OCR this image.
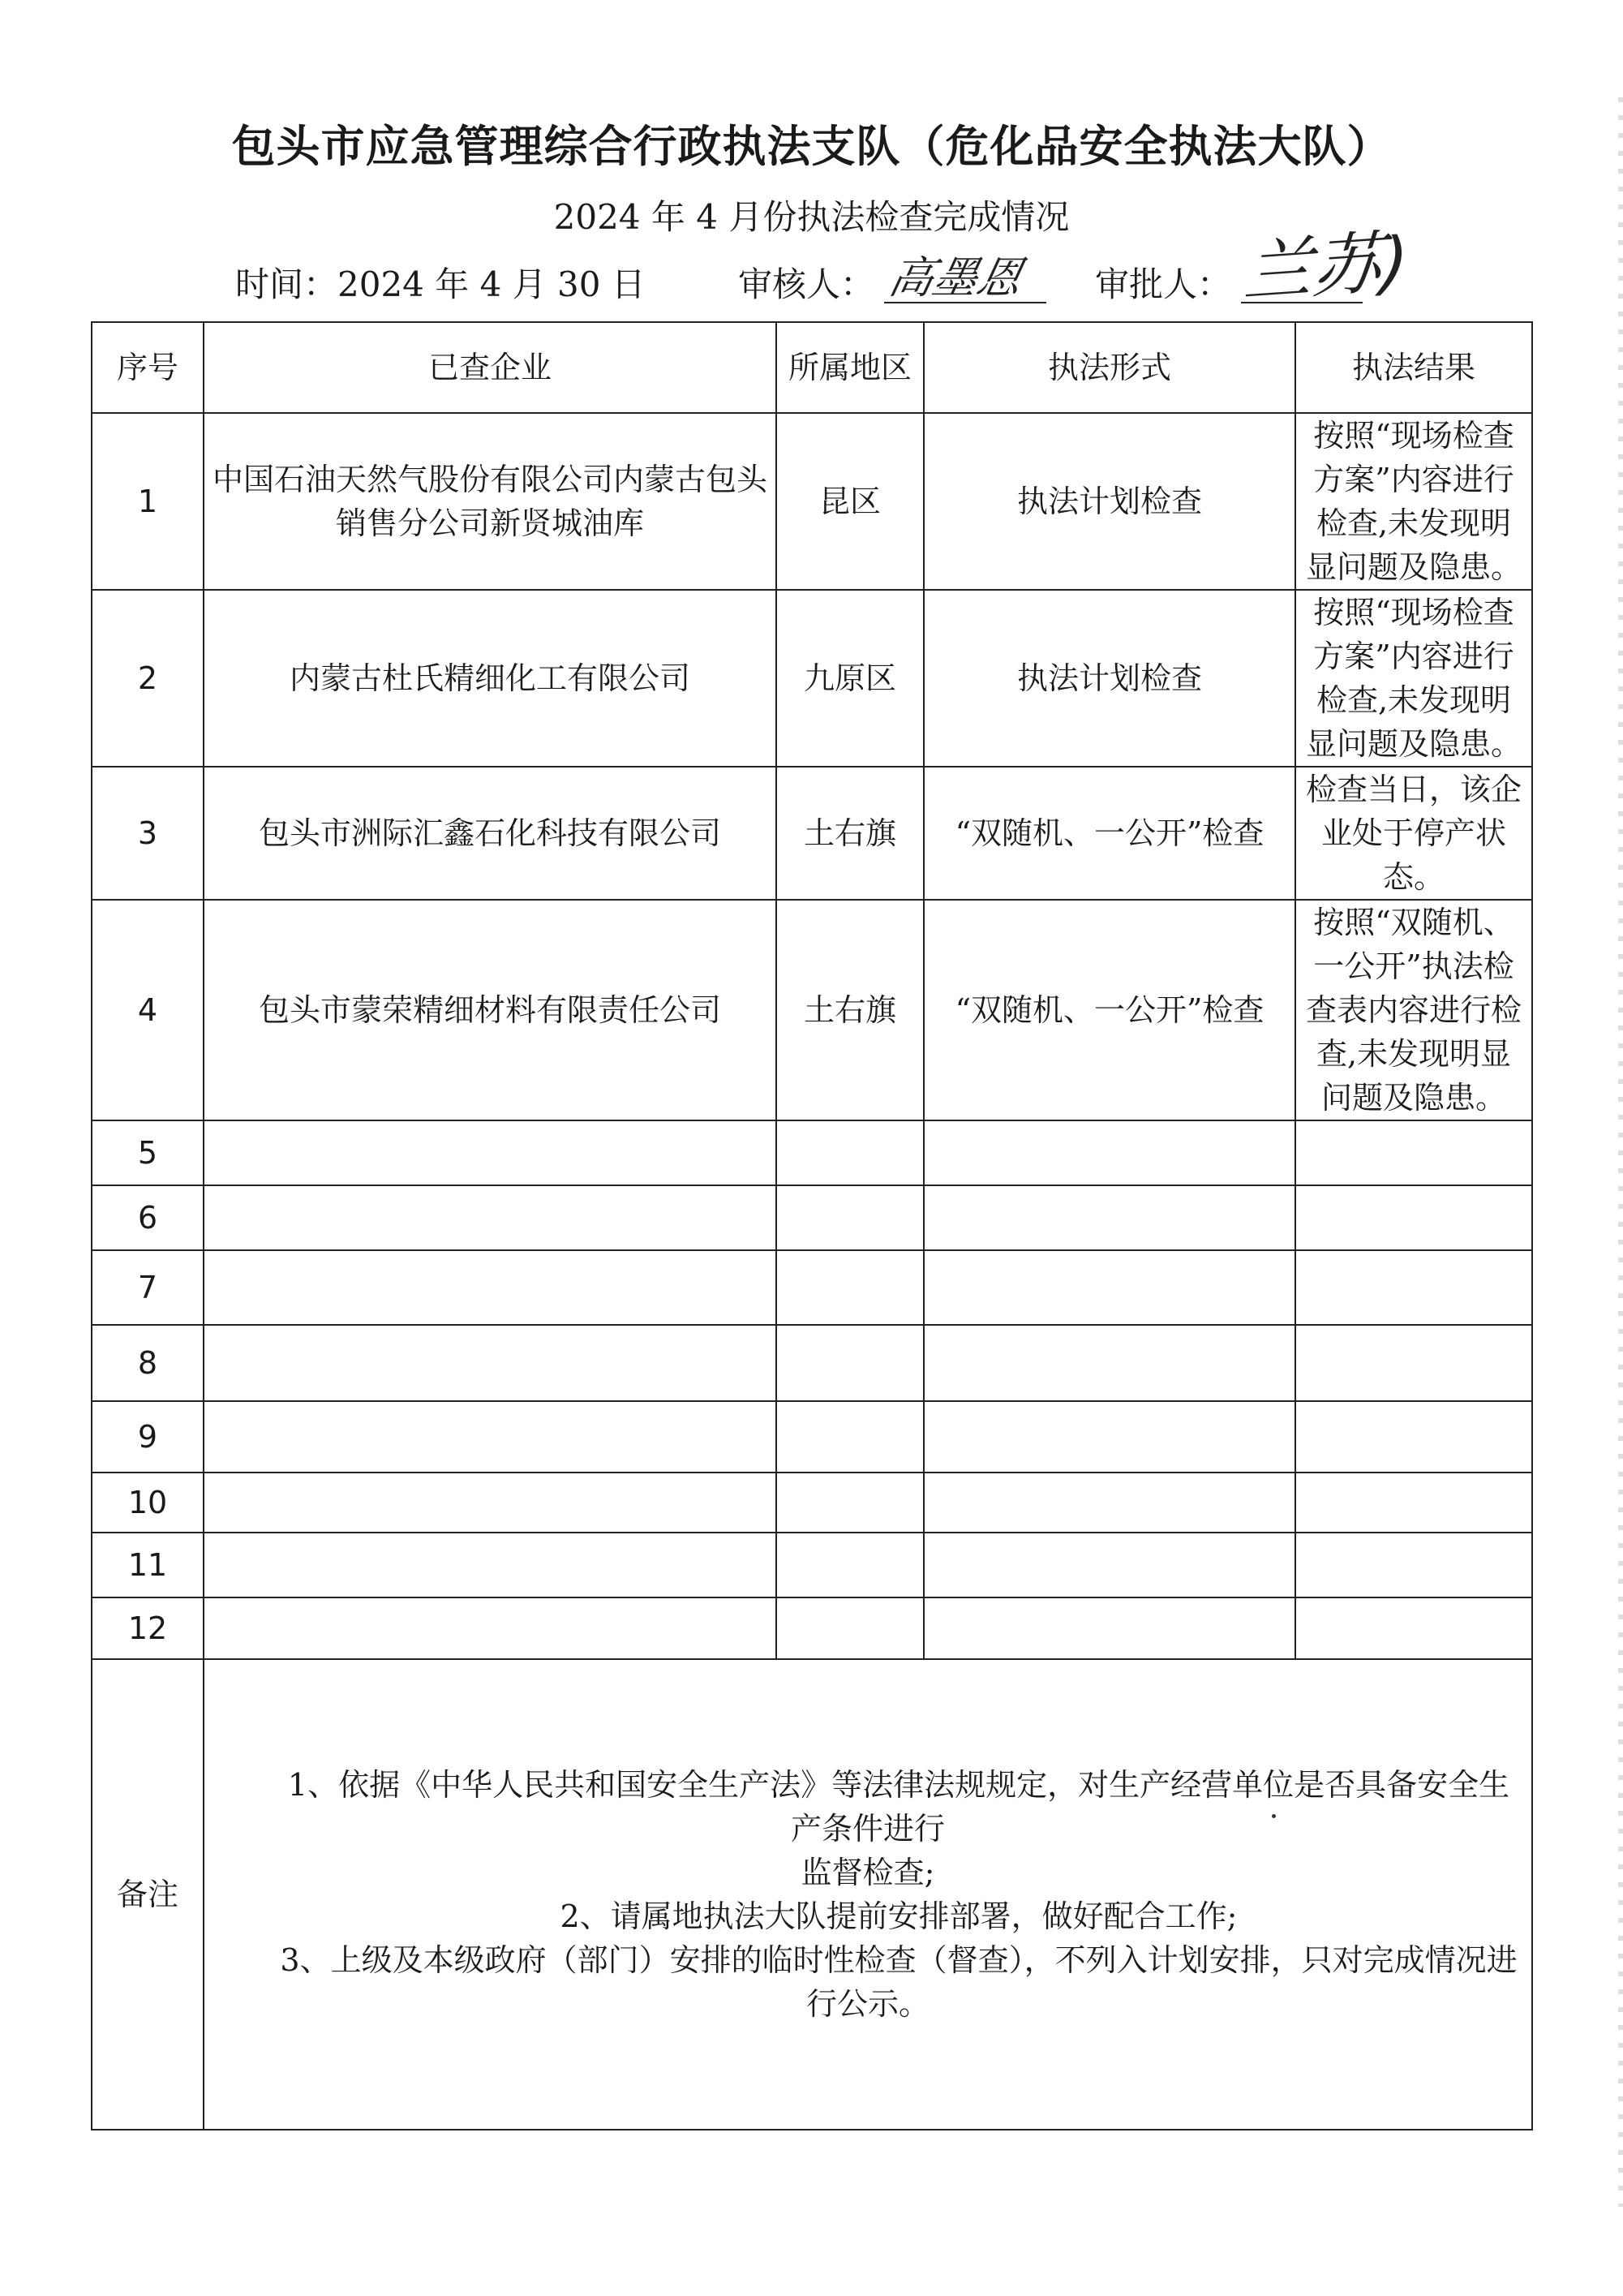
包头市应急管理综合行政执法支队（危化品安全执法大队）
2024 年 4 月份执法检查完成情况
时间：2024 年 4 月 30 日	审核人： 高墨恩 审批人： 兰苏)
序号	已查企业	所属地区	执法形式	执法结果
1	中国石油天然气股份有限公司内蒙古包头销售分公司新贤城油库	昆区	执法计划检查	按照“现场检查方案”内容进行检查,未发现明显问题及隐患。
2	内蒙古杜氏精细化工有限公司	九原区	执法计划检查	按照“现场检查方案”内容进行检查,未发现明显问题及隐患。
3	包头市洲际汇鑫石化科技有限公司	土右旗	“双随机、一公开”检查	检查当日，该企业处于停产状态。
4	包头市蒙荣精细材料有限责任公司	土右旗	“双随机、一公开”检查	按照“双随机、一公开”执法检查表内容进行检查,未发现明显问题及隐患。
5				
6				
7				
8				
9				
10				
11				
12				
备注	1、依据《中华人民共和国安全生产法》等法律法规规定，对生产经营单位是否具备安全生产条件进行
监督检查;
2、请属地执法大队提前安排部署，做好配合工作;
3、上级及本级政府（部门）安排的临时性检查（督查），不列入计划安排，只对完成情况进行公示。			
